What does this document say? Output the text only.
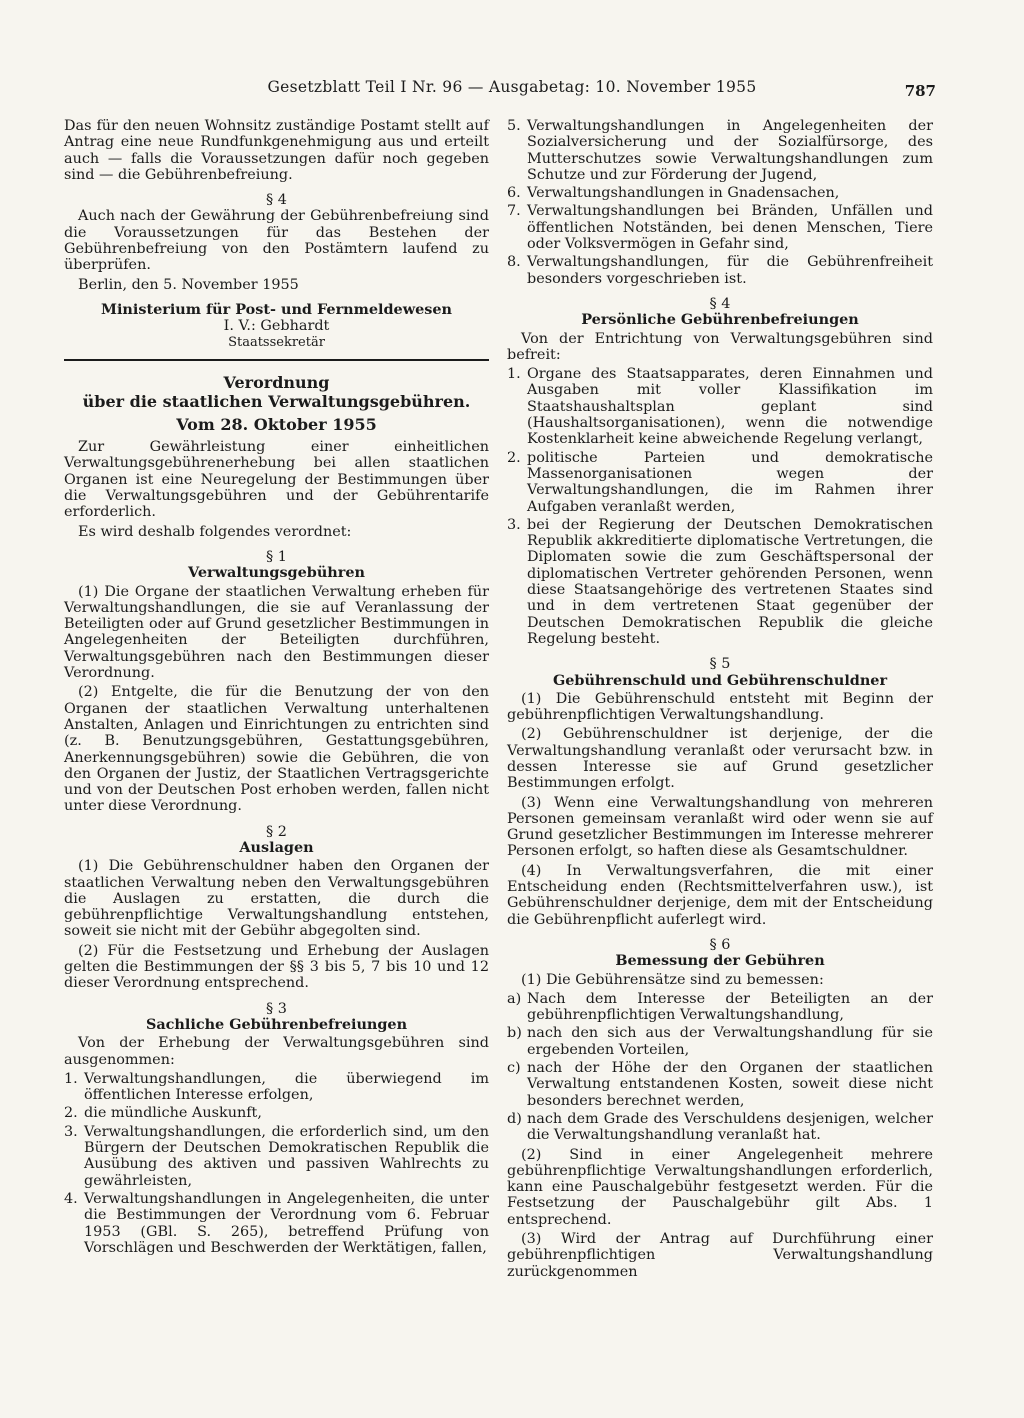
Gesetzblatt Teil I Nr. 96 — Ausgabetag: 10. November 1955	787

Das für den neuen Wohnsitz zuständige Postamt stellt auf Antrag eine neue Rundfunkgenehmigung aus und erteilt auch — falls die Voraussetzungen dafür noch gegeben sind — die Gebührenbefreiung.

§ 4

Auch nach der Gewährung der Gebührenbefreiung sind die Voraussetzungen für das Bestehen der Gebührenbefreiung von den Postämtern laufend zu überprüfen.

Berlin, den 5. November 1955

Ministerium für Post- und Fernmeldewesen

I. V.: Gebhardt

Staatssekretär

Verordnung

über die staatlichen Verwaltungsgebühren.

Vom 28. Oktober 1955

Zur Gewährleistung einer einheitlichen Verwaltungsgebührenerhebung bei allen staatlichen Organen ist eine Neuregelung der Bestimmungen über die Verwaltungsgebühren und der Gebührentarife erforderlich.

Es wird deshalb folgendes verordnet:

§ 1

Verwaltungsgebühren

(1) Die Organe der staatlichen Verwaltung erheben für Verwaltungshandlungen, die sie auf Veranlassung der Beteiligten oder auf Grund gesetzlicher Bestimmungen in Angelegenheiten der Beteiligten durchführen, Verwaltungsgebühren nach den Bestimmungen dieser Verordnung.

(2) Entgelte, die für die Benutzung der von den Organen der staatlichen Verwaltung unterhaltenen Anstalten, Anlagen und Einrichtungen zu entrichten sind (z. B. Benutzungsgebühren, Gestattungsgebühren, Anerkennungsgebühren) sowie die Gebühren, die von den Organen der Justiz, der Staatlichen Vertragsgerichte und von der Deutschen Post erhoben werden, fallen nicht unter diese Verordnung.

§ 2

Auslagen

(1) Die Gebührenschuldner haben den Organen der staatlichen Verwaltung neben den Verwaltungsgebühren die Auslagen zu erstatten, die durch die gebührenpflichtige Verwaltungshandlung entstehen, soweit sie nicht mit der Gebühr abgegolten sind.

(2) Für die Festsetzung und Erhebung der Auslagen gelten die Bestimmungen der §§ 3 bis 5, 7 bis 10 und 12 dieser Verordnung entsprechend.

§ 3

Sachliche Gebührenbefreiungen

Von der Erhebung der Verwaltungsgebühren sind ausgenommen:

1. Verwaltungshandlungen, die überwiegend im öffentlichen Interesse erfolgen,
2. die mündliche Auskunft,
3. Verwaltungshandlungen, die erforderlich sind, um den Bürgern der Deutschen Demokratischen Republik die Ausübung des aktiven und passiven Wahlrechts zu gewährleisten,
4. Verwaltungshandlungen in Angelegenheiten, die unter die Bestimmungen der Verordnung vom 6. Februar 1953 (GBl. S. 265), betreffend Prüfung von Vorschlägen und Beschwerden der Werktätigen, fallen,
5. Verwaltungshandlungen in Angelegenheiten der Sozialversicherung und der Sozialfürsorge, des Mutterschutzes sowie Verwaltungshandlungen zum Schutze und zur Förderung der Jugend,
6. Verwaltungshandlungen in Gnadensachen,
7. Verwaltungshandlungen bei Bränden, Unfällen und öffentlichen Notständen, bei denen Menschen, Tiere oder Volksvermögen in Gefahr sind,
8. Verwaltungshandlungen, für die Gebührenfreiheit besonders vorgeschrieben ist.

§ 4

Persönliche Gebührenbefreiungen

Von der Entrichtung von Verwaltungsgebühren sind befreit:

1. Organe des Staatsapparates, deren Einnahmen und Ausgaben mit voller Klassifikation im Staatshaushaltsplan geplant sind (Haushaltsorganisationen), wenn die notwendige Kostenklarheit keine abweichende Regelung verlangt,
2. politische Parteien und demokratische Massenorganisationen wegen der Verwaltungshandlungen, die im Rahmen ihrer Aufgaben veranlaßt werden,
3. bei der Regierung der Deutschen Demokratischen Republik akkreditierte diplomatische Vertretungen, die Diplomaten sowie die zum Geschäftspersonal der diplomatischen Vertreter gehörenden Personen, wenn diese Staatsangehörige des vertretenen Staates sind und in dem vertretenen Staat gegenüber der Deutschen Demokratischen Republik die gleiche Regelung besteht.

§ 5

Gebührenschuld und Gebührenschuldner

(1) Die Gebührenschuld entsteht mit Beginn der gebührenpflichtigen Verwaltungshandlung.

(2) Gebührenschuldner ist derjenige, der die Verwaltungshandlung veranlaßt oder verursacht bzw. in dessen Interesse sie auf Grund gesetzlicher Bestimmungen erfolgt.

(3) Wenn eine Verwaltungshandlung von mehreren Personen gemeinsam veranlaßt wird oder wenn sie auf Grund gesetzlicher Bestimmungen im Interesse mehrerer Personen erfolgt, so haften diese als Gesamtschuldner.

(4) In Verwaltungsverfahren, die mit einer Entscheidung enden (Rechtsmittelverfahren usw.), ist Gebührenschuldner derjenige, dem mit der Entscheidung die Gebührenpflicht auferlegt wird.

§ 6

Bemessung der Gebühren

(1) Die Gebührensätze sind zu bemessen:

a) Nach dem Interesse der Beteiligten an der gebührenpflichtigen Verwaltungshandlung,
b) nach den sich aus der Verwaltungshandlung für sie ergebenden Vorteilen,
c) nach der Höhe der den Organen der staatlichen Verwaltung entstandenen Kosten, soweit diese nicht besonders berechnet werden,
d) nach dem Grade des Verschuldens desjenigen, welcher die Verwaltungshandlung veranlaßt hat.

(2) Sind in einer Angelegenheit mehrere gebührenpflichtige Verwaltungshandlungen erforderlich, kann eine Pauschalgebühr festgesetzt werden. Für die Festsetzung der Pauschalgebühr gilt Abs. 1 entsprechend.

(3) Wird der Antrag auf Durchführung einer gebührenpflichtigen Verwaltungshandlung zurückgenommen
